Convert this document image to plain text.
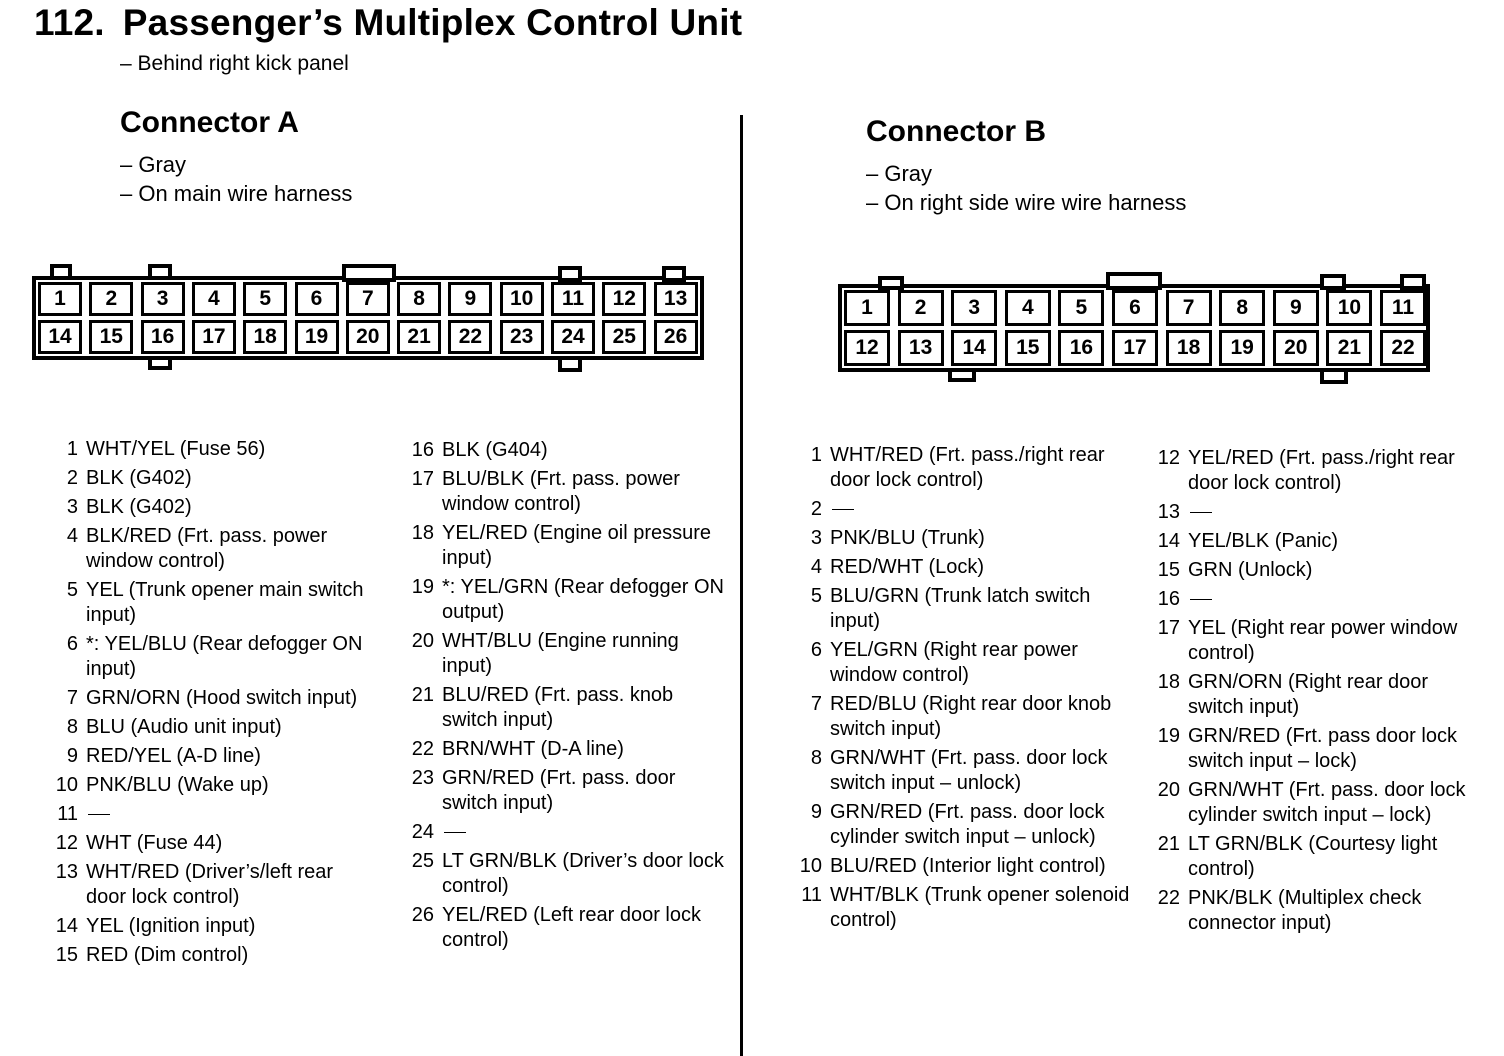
112. Passenger’s Multiplex Control Unit
– Behind right kick panel
Connector A
– Gray
– On main wire harness
Connector B
– Gray
– On right side wire wire harness
1	2	3	4	5	6	7	8	9	10	11	12	13
14	15	16	17	18	19	20	21	22	23	24	25	26
1	2	3	4	5	6	7	8	9	10	11
12	13	14	15	16	17	18	19	20	21	22
1 WHT/YEL (Fuse 56)
2 BLK (G402)
3 BLK (G402)
4 BLK/RED (Frt. pass. power window control)
5 YEL (Trunk opener main switch input)
6 *: YEL/BLU (Rear defogger ON input)
7 GRN/ORN (Hood switch input)
8 BLU (Audio unit input)
9 RED/YEL (A-D line)
10 PNK/BLU (Wake up)
11
12 WHT (Fuse 44)
13 WHT/RED (Driver’s/left rear door lock control)
14 YEL (Ignition input)
15 RED (Dim control)
16 BLK (G404)
17 BLU/BLK (Frt. pass. power window control)
18 YEL/RED (Engine oil pressure input)
19 *: YEL/GRN (Rear defogger ON output)
20 WHT/BLU (Engine running input)
21 BLU/RED (Frt. pass. knob switch input)
22 BRN/WHT (D-A line)
23 GRN/RED (Frt. pass. door switch input)
24
25 LT GRN/BLK (Driver’s door lock control)
26 YEL/RED (Left rear door lock control)
1 WHT/RED (Frt. pass./right rear door lock control)
2
3 PNK/BLU (Trunk)
4 RED/WHT (Lock)
5 BLU/GRN (Trunk latch switch input)
6 YEL/GRN (Right rear power window control)
7 RED/BLU (Right rear door knob switch input)
8 GRN/WHT (Frt. pass. door lock switch input – unlock)
9 GRN/RED (Frt. pass. door lock cylinder switch input – unlock)
10 BLU/RED (Interior light control)
11 WHT/BLK (Trunk opener solenoid control)
12 YEL/RED (Frt. pass./right rear door lock control)
13
14 YEL/BLK (Panic)
15 GRN (Unlock)
16
17 YEL (Right rear power window control)
18 GRN/ORN (Right rear door switch input)
19 GRN/RED (Frt. pass door lock switch input – lock)
20 GRN/WHT (Frt. pass. door lock cylinder switch input – lock)
21 LT GRN/BLK (Courtesy light control)
22 PNK/BLK (Multiplex check connector input)
